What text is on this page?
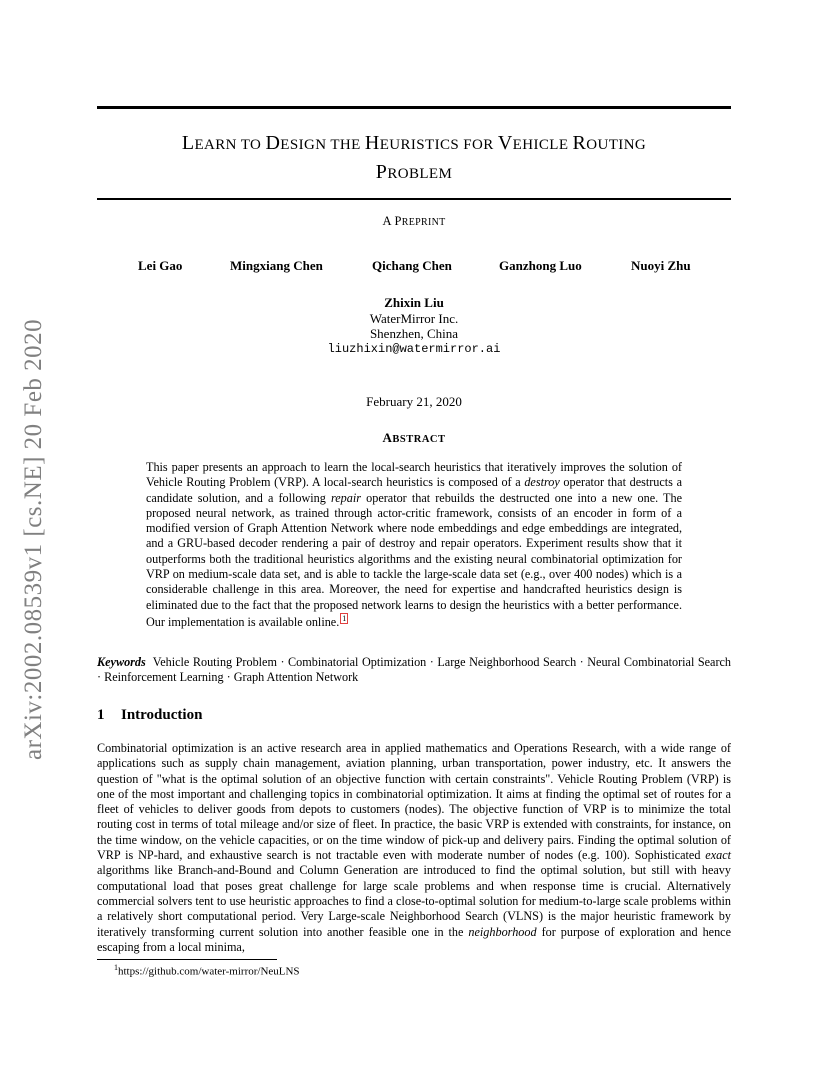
arXiv:2002.08539v1 [cs.NE] 20 Feb 2020
LEARN TO DESIGN THE HEURISTICS FOR VEHICLE ROUTING
PROBLEM
A PREPRINT
Lei Gao	Mingxiang Chen	Qichang Chen	Ganzhong Luo	Nuoyi Zhu
Zhixin Liu
WaterMirror Inc.
Shenzhen, China
liuzhixin@watermirror.ai
February 21, 2020
ABSTRACT
This paper presents an approach to learn the local-search heuristics that iteratively improves the solution of Vehicle Routing Problem (VRP). A local-search heuristics is composed of a destroy operator that destructs a candidate solution, and a following repair operator that rebuilds the destructed one into a new one. The proposed neural network, as trained through actor-critic framework, consists of an encoder in form of a modified version of Graph Attention Network where node embeddings and edge embeddings are integrated, and a GRU-based decoder rendering a pair of destroy and repair operators. Experiment results show that it outperforms both the traditional heuristics algorithms and the existing neural combinatorial optimization for VRP on medium-scale data set, and is able to tackle the large-scale data set (e.g., over 400 nodes) which is a considerable challenge in this area. Moreover, the need for expertise and handcrafted heuristics design is eliminated due to the fact that the proposed network learns to design the heuristics with a better performance. Our implementation is available online. 1
Keywords Vehicle Routing Problem · Combinatorial Optimization · Large Neighborhood Search · Neural Combinatorial Search · Reinforcement Learning · Graph Attention Network
1 Introduction
Combinatorial optimization is an active research area in applied mathematics and Operations Research, with a wide range of applications such as supply chain management, aviation planning, urban transportation, power industry, etc. It answers the question of "what is the optimal solution of an objective function with certain constraints". Vehicle Routing Problem (VRP) is one of the most important and challenging topics in combinatorial optimization. It aims at finding the optimal set of routes for a fleet of vehicles to deliver goods from depots to customers (nodes). The objective function of VRP is to minimize the total routing cost in terms of total mileage and/or size of fleet. In practice, the basic VRP is extended with constraints, for instance, on the time window, on the vehicle capacities, or on the time window of pick-up and delivery pairs. Finding the optimal solution of VRP is NP-hard, and exhaustive search is not tractable even with moderate number of nodes (e.g. 100). Sophisticated exact algorithms like Branch-and-Bound and Column Generation are introduced to find the optimal solution, but still with heavy computational load that poses great challenge for large scale problems and when response time is crucial. Alternatively commercial solvers tent to use heuristic approaches to find a close-to-optimal solution for medium-to-large scale problems within a relatively short computational period. Very Large-scale Neighborhood Search (VLNS) is the major heuristic framework by iteratively transforming current solution into another feasible one in the neighborhood for purpose of exploration and hence escaping from a local minima,
$^1$https://github.com/water-mirror/NeuLNS
